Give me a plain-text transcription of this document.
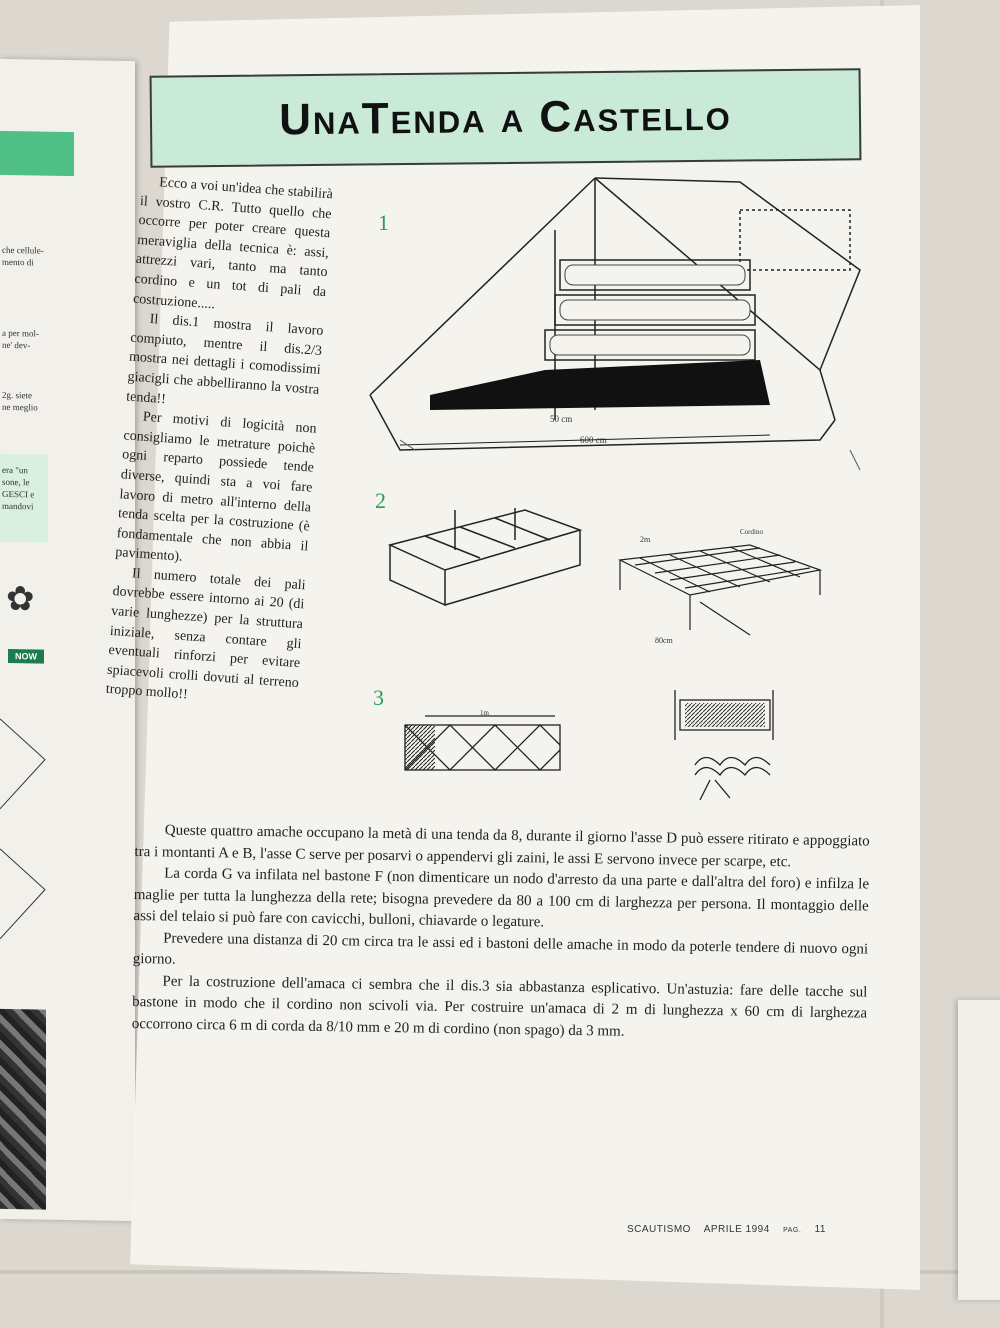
che cellule-
mento di
a per mol-
ne' dev-
2g. siete
ne meglio
era "un
sone, le
GESCI e
mandovi
✿
NOW
UnaTenda a Castello

Ecco a voi un'idea che stabilirà il vostro C.R. Tutto quello che occorre per poter creare questa meraviglia della tecnica è: assi, attrezzi vari, tanto ma tanto cordino e un tot di pali da costruzione.....

Il dis.1 mostra il lavoro compiuto, mentre il dis.2/3 mostra nei dettagli i comodissimi giacigli che abbelliranno la vostra tenda!!

Per motivi di logicità non consigliamo le metrature poichè ogni reparto possiede tende diverse, quindi sta a voi fare lavoro di metro all'interno della tenda scelta per la costruzione (è fondamentale che non abbia il pavimento).

Il numero totale dei pali dovrebbe essere intorno ai 20 (di varie lunghezze) per la struttura iniziale, senza contare gli eventuali rinforzi per evitare spiacevoli crolli dovuti al terreno troppo mollo!!

1
50 cm
600 cm
2
2m
80cm
Cordino
3
1m

Queste quattro amache occupano la metà di una tenda da 8, durante il giorno l'asse D può essere ritirato e appoggiato tra i montanti A e B, l'asse C serve per posarvi o appendervi gli zaini, le assi E servono invece per scarpe, etc.

La corda G va infilata nel bastone F (non dimenticare un nodo d'arresto da una parte e dall'altra del foro) e infilza le maglie per tutta la lunghezza della rete; bisogna prevedere da 80 a 100 cm di larghezza per persona. Il montaggio delle assi del telaio si può fare con cavicchi, bulloni, chiavarde o legature.

Prevedere una distanza di 20 cm circa tra le assi ed i bastoni delle amache in modo da poterle tendere di nuovo ogni giorno.

Per la costruzione dell'amaca ci sembra che il dis.3 sia abbastanza esplicativo. Un'astuzia: fare delle tacche sul bastone in modo che il cordino non scivoli via. Per costruire un'amaca di 2 m di lunghezza x 60 cm di larghezza occorrono circa 6 m di corda da 8/10 mm e 20 m di cordino (non spago) da 3 mm.

SCAUTISMO APRILE 1994 PAG. 11
